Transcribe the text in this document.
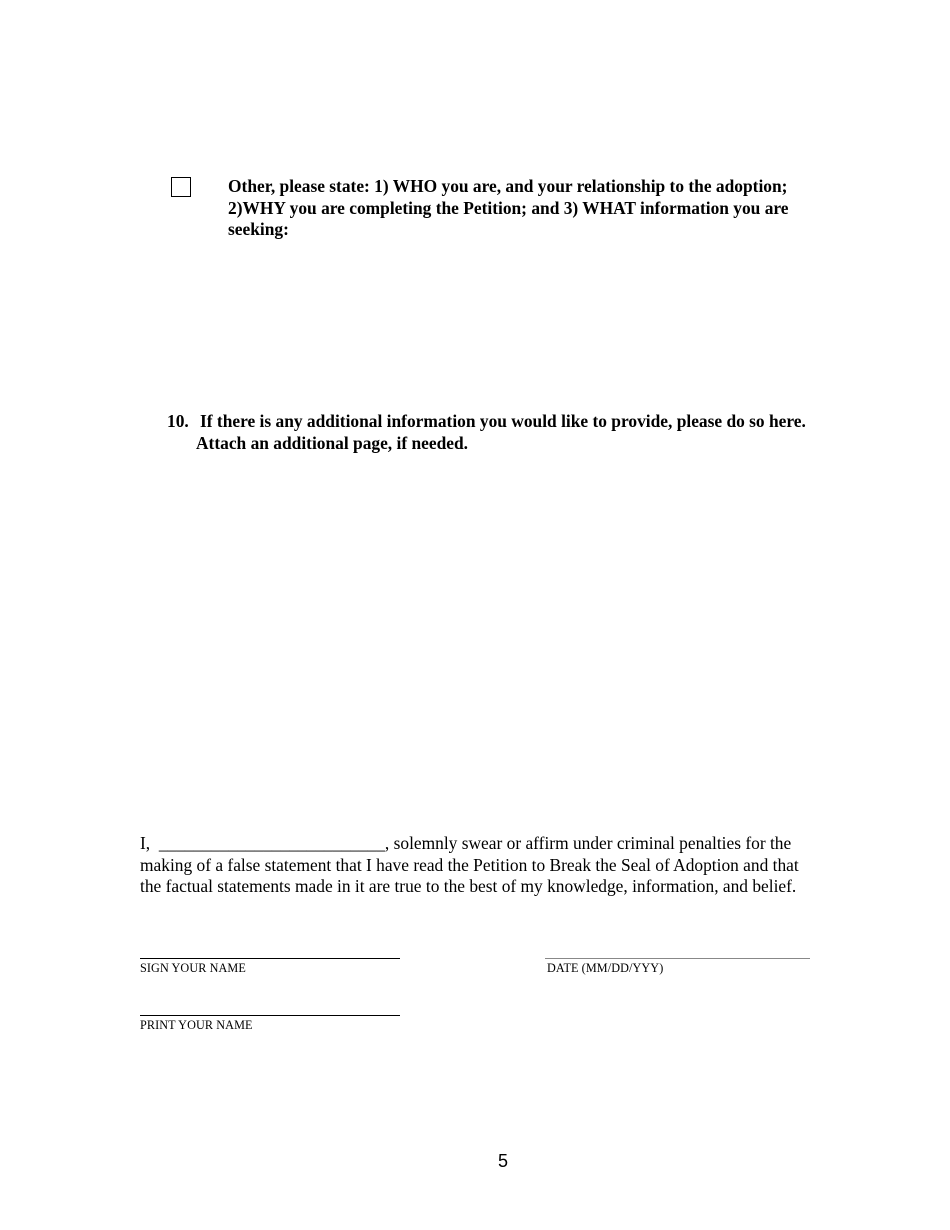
Other, please state: 1) WHO you are, and your relationship to the adoption;
2)WHY you are completing the Petition; and 3) WHAT information you are
seeking:
10. If there is any additional information you would like to provide, please do so here.
Attach an additional page, if needed.
I, __________________________, solemnly swear or affirm under criminal penalties for the
making of a false statement that I have read the Petition to Break the Seal of Adoption and that
the factual statements made in it are true to the best of my knowledge, information, and belief.
SIGN YOUR NAME	DATE (MM/DD/YYY)
PRINT YOUR NAME
5
